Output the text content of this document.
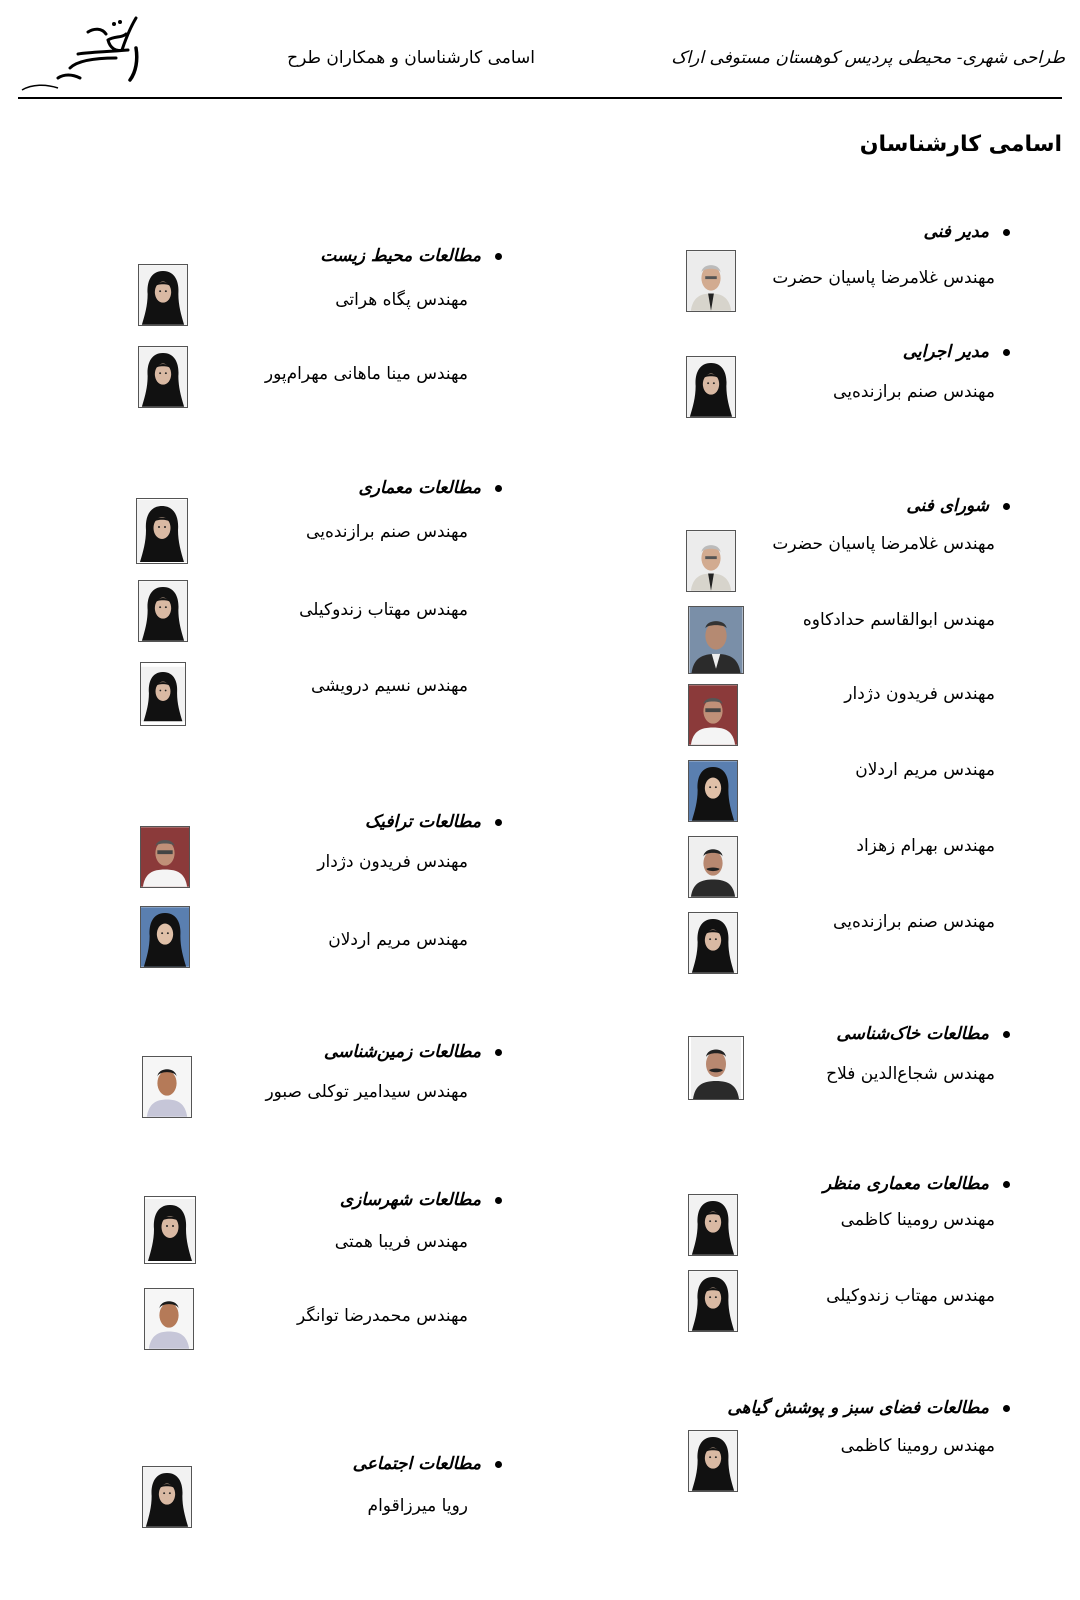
طراحی شهری- محیطی پردیس کوهستان مستوفی اراک
اسامی کارشناسان و همکاران طرح
اسامی کارشناسان
مدیر فنی
مهندس غلامرضا پاسیان حضرت
مدیر اجرایی
مهندس صنم برازنده‌یی
شورای فنی
مهندس غلامرضا پاسیان حضرت
مهندس ابوالقاسم حدادکاوه
مهندس فریدون دژدار
مهندس مریم اردلان
مهندس بهرام زهزاد
مهندس صنم برازنده‌یی
مطالعات خاک‌شناسی
مهندس شجاع‌الدین فلاح
مطالعات معماری منظر
مهندس رومینا کاظمی
مهندس مهتاب زندوکیلی
مطالعات فضای سبز و پوشش گیاهی
مهندس رومینا کاظمی
مطالعات محیط زیست
مهندس پگاه هراتی
مهندس مینا ماهانی مهرام‌پور
مطالعات معماری
مهندس صنم برازنده‌یی
مهندس مهتاب زندوکیلی
مهندس نسیم درویشی
مطالعات ترافیک
مهندس فریدون دژدار
مهندس مریم اردلان
مطالعات زمین‌شناسی
مهندس سیدامیر توکلی صبور
مطالعات شهرسازی
مهندس فریبا همتی
مهندس محمدرضا توانگر
مطالعات اجتماعی
رویا میرزاقوام
